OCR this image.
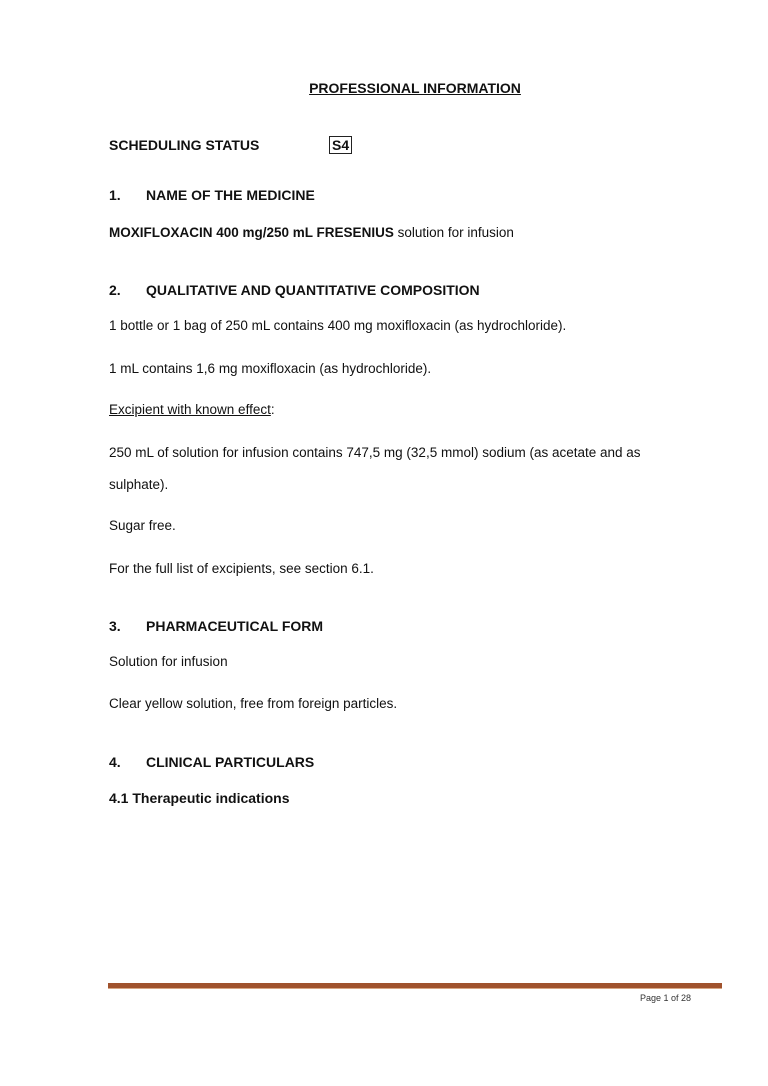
PROFESSIONAL INFORMATION
SCHEDULING STATUS	S4
1. NAME OF THE MEDICINE
MOXIFLOXACIN 400 mg/250 mL FRESENIUS solution for infusion
2. QUALITATIVE AND QUANTITATIVE COMPOSITION
1 bottle or 1 bag of 250 mL contains 400 mg moxifloxacin (as hydrochloride).
1 mL contains 1,6 mg moxifloxacin (as hydrochloride).
Excipient with known effect:
250 mL of solution for infusion contains 747,5 mg (32,5 mmol) sodium (as acetate and as
sulphate).
Sugar free.
For the full list of excipients, see section 6.1.
3. PHARMACEUTICAL FORM
Solution for infusion
Clear yellow solution, free from foreign particles.
4. CLINICAL PARTICULARS
4.1 Therapeutic indications
Page 1 of 28
